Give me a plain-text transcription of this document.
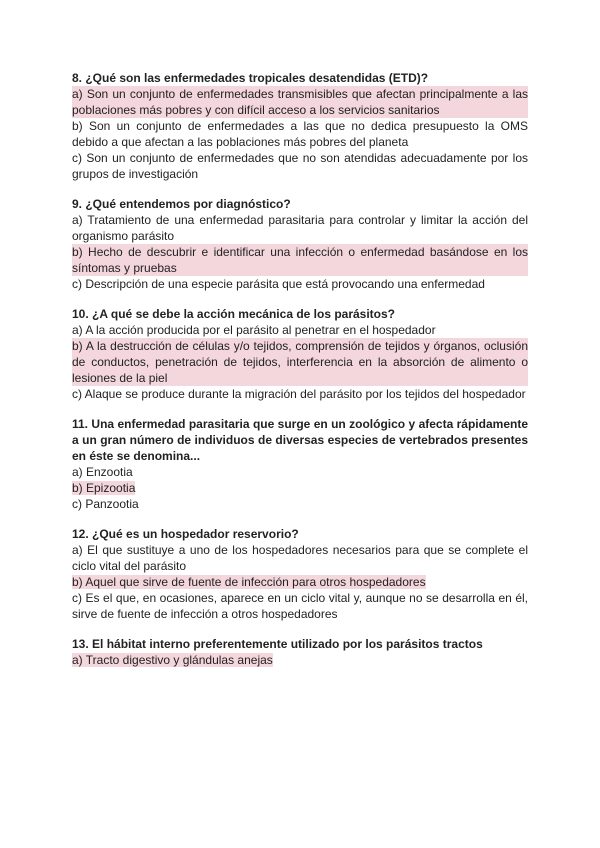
8. ¿Qué son las enfermedades tropicales desatendidas (ETD)?
a) Son un conjunto de enfermedades transmisibles que afectan principalmente a las poblaciones más pobres y con difícil acceso a los servicios sanitarios
b) Son un conjunto de enfermedades a las que no dedica presupuesto la OMS debido a que afectan a las poblaciones más pobres del planeta
c) Son un conjunto de enfermedades que no son atendidas adecuadamente por los grupos de investigación
9. ¿Qué entendemos por diagnóstico?
a) Tratamiento de una enfermedad parasitaria para controlar y limitar la acción del organismo parásito
b) Hecho de descubrir e identificar una infección o enfermedad basándose en los síntomas y pruebas
c) Descripción de una especie parásita que está provocando una enfermedad
10. ¿A qué se debe la acción mecánica de los parásitos?
a) A la acción producida por el parásito al penetrar en el hospedador
b) A la destrucción de células y/o tejidos, comprensión de tejidos y órganos, oclusión de conductos, penetración de tejidos, interferencia en la absorción de alimento o lesiones de la piel
c) Alaque se produce durante la migración del parásito por los tejidos del hospedador
11. Una enfermedad parasitaria que surge en un zoológico y afecta rápidamente a un gran número de individuos de diversas especies de vertebrados presentes en éste se denomina...
a) Enzootia
b) Epizootia
c) Panzootia
12. ¿Qué es un hospedador reservorio?
a) El que sustituye a uno de los hospedadores necesarios para que se complete el ciclo vital del parásito
b) Aquel que sirve de fuente de infección para otros hospedadores
c) Es el que, en ocasiones, aparece en un ciclo vital y, aunque no se desarrolla en él, sirve de fuente de infección a otros hospedadores
13. El hábitat interno preferentemente utilizado por los parásitos tractos
a) Tracto digestivo y glándulas anejas
